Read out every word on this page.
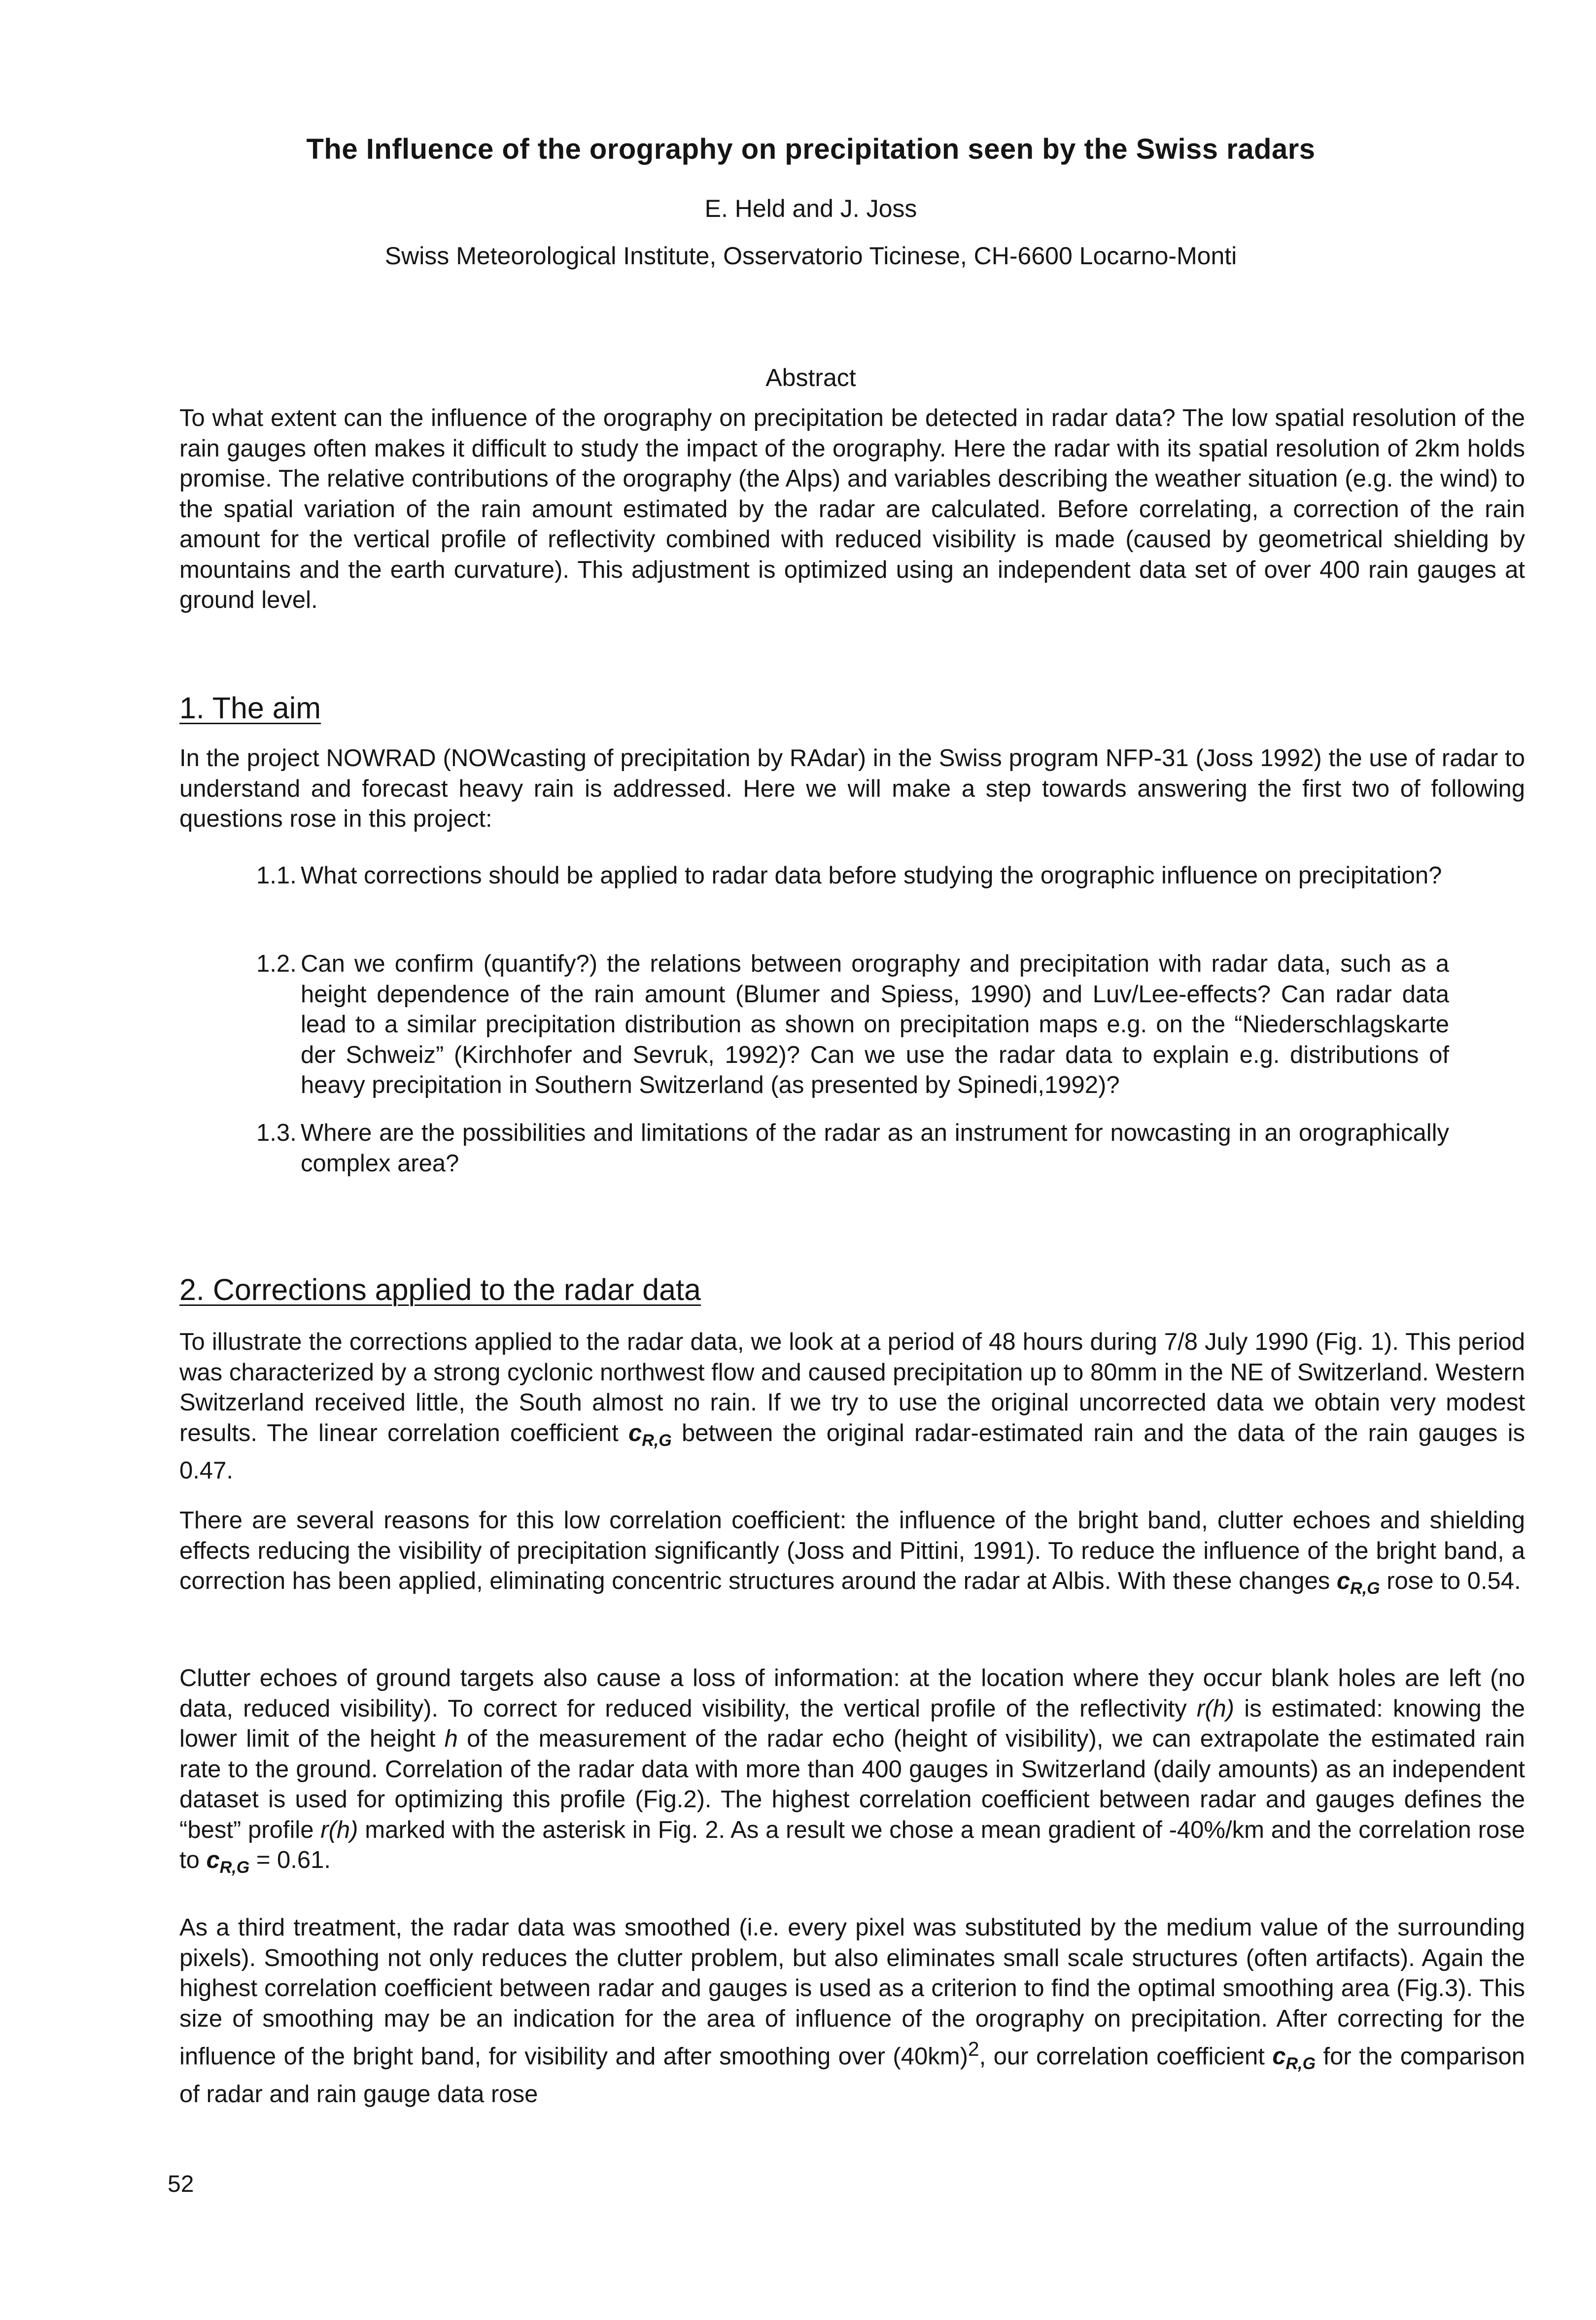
The Influence of the orography on precipitation seen by the Swiss radars
E. Held and J. Joss
Swiss Meteorological Institute, Osservatorio Ticinese, CH-6600 Locarno-Monti
Abstract

To what extent can the influence of the orography on precipitation be detected in radar data? The low spatial resolution of the rain gauges often makes it difficult to study the impact of the orography. Here the radar with its spatial resolution of 2km holds promise. The relative contributions of the orography (the Alps) and variables describing the weather situation (e.g. the wind) to the spatial variation of the rain amount estimated by the radar are calculated. Before correlating, a correction of the rain amount for the vertical profile of reflectivity combined with reduced visibility is made (caused by geometrical shielding by mountains and the earth curvature). This adjustment is optimized using an independent data set of over 400 rain gauges at ground level.

1. The aim

In the project NOWRAD (NOWcasting of precipitation by RAdar) in the Swiss program NFP-31 (Joss 1992) the use of radar to understand and forecast heavy rain is addressed. Here we will make a step towards answering the first two of following questions rose in this project:

1.1. What corrections should be applied to radar data before studying the orographic influence on precipitation?
1.2. Can we confirm (quantify?) the relations between orography and precipitation with radar data, such as a height dependence of the rain amount (Blumer and Spiess, 1990) and Luv/Lee-effects? Can radar data lead to a similar precipitation distribution as shown on precipitation maps e.g. on the “Niederschlagskarte der Schweiz” (Kirchhofer and Sevruk, 1992)? Can we use the radar data to explain e.g. distributions of heavy precipitation in Southern Switzerland (as presented by Spinedi,1992)?
1.3. Where are the possibilities and limitations of the radar as an instrument for nowcasting in an orographically complex area?
2. Corrections applied to the radar data

To illustrate the corrections applied to the radar data, we look at a period of 48 hours during 7/8 July 1990 (Fig. 1). This period was characterized by a strong cyclonic northwest flow and caused precipitation up to 80mm in the NE of Switzerland. Western Switzerland received little, the South almost no rain. If we try to use the original uncorrected data we obtain very modest results. The linear correlation coefficient $c_{R,G}$ between the original radar-estimated rain and the data of the rain gauges is 0.47.

There are several reasons for this low correlation coefficient: the influence of the bright band, clutter echoes and shielding effects reducing the visibility of precipitation significantly (Joss and Pittini, 1991). To reduce the influence of the bright band, a correction has been applied, eliminating concentric structures around the radar at Albis. With these changes $c_{R,G}$ rose to 0.54.

Clutter echoes of ground targets also cause a loss of information: at the location where they occur blank holes are left (no data, reduced visibility). To correct for reduced visibility, the vertical profile of the reflectivity r(h) is estimated: knowing the lower limit of the height h of the measurement of the radar echo (height of visibility), we can extrapolate the estimated rain rate to the ground. Correlation of the radar data with more than 400 gauges in Switzerland (daily amounts) as an independent dataset is used for optimizing this profile (Fig.2). The highest correlation coefficient between radar and gauges defines the “best” profile r(h) marked with the asterisk in Fig. 2. As a result we chose a mean gradient of -40%/km and the correlation rose to $c_{R,G} = 0.61$.

As a third treatment, the radar data was smoothed (i.e. every pixel was substituted by the medium value of the surrounding pixels). Smoothing not only reduces the clutter problem, but also eliminates small scale structures (often artifacts). Again the highest correlation coefficient between radar and gauges is used as a criterion to find the optimal smoothing area (Fig.3). This size of smoothing may be an indication for the area of influence of the orography on precipitation. After correcting for the influence of the bright band, for visibility and after smoothing over $(40km)^2$, our correlation coefficient $c_{R,G}$ for the comparison of radar and rain gauge data rose

52
